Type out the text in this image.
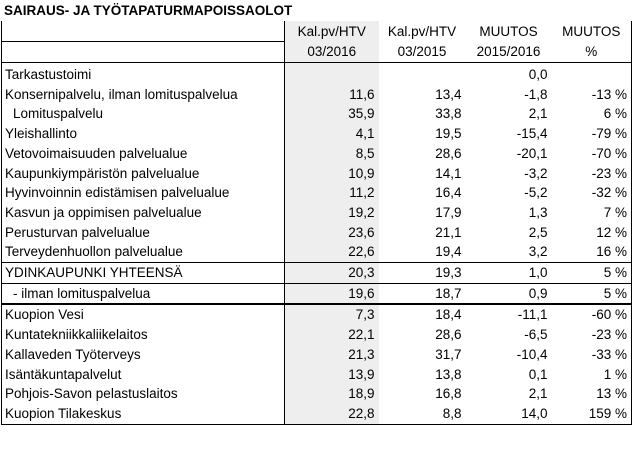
SAIRAUS- JA TYÖTAPATURMAPOISSAOLOT
	Kal.pv/HTV	Kal.pv/HTV	MUUTOS	MUUTOS
	03/2016	03/2015	2015/2016	%
Tarkastustoimi			0,0	
Konsernipalvelu, ilman lomituspalvelua	11,6	13,4	-1,8	-13 %
Lomituspalvelu	35,9	33,8	2,1	6 %
Yleishallinto	4,1	19,5	-15,4	-79 %
Vetovoimaisuuden palvelualue	8,5	28,6	-20,1	-70 %
Kaupunkiympäristön palvelualue	10,9	14,1	-3,2	-23 %
Hyvinvoinnin edistämisen palvelualue	11,2	16,4	-5,2	-32 %
Kasvun ja oppimisen palvelualue	19,2	17,9	1,3	7 %
Perusturvan palvelualue	23,6	21,1	2,5	12 %
Terveydenhuollon palvelualue	22,6	19,4	3,2	16 %
YDINKAUPUNKI YHTEENSÄ	20,3	19,3	1,0	5 %
- ilman lomituspalvelua	19,6	18,7	0,9	5 %
Kuopion Vesi	7,3	18,4	-11,1	-60 %
Kuntatekniikkaliikelaitos	22,1	28,6	-6,5	-23 %
Kallaveden Työterveys	21,3	31,7	-10,4	-33 %
Isäntäkuntapalvelut	13,9	13,8	0,1	1 %
Pohjois-Savon pelastuslaitos	18,9	16,8	2,1	13 %
Kuopion Tilakeskus	22,8	8,8	14,0	159 %
